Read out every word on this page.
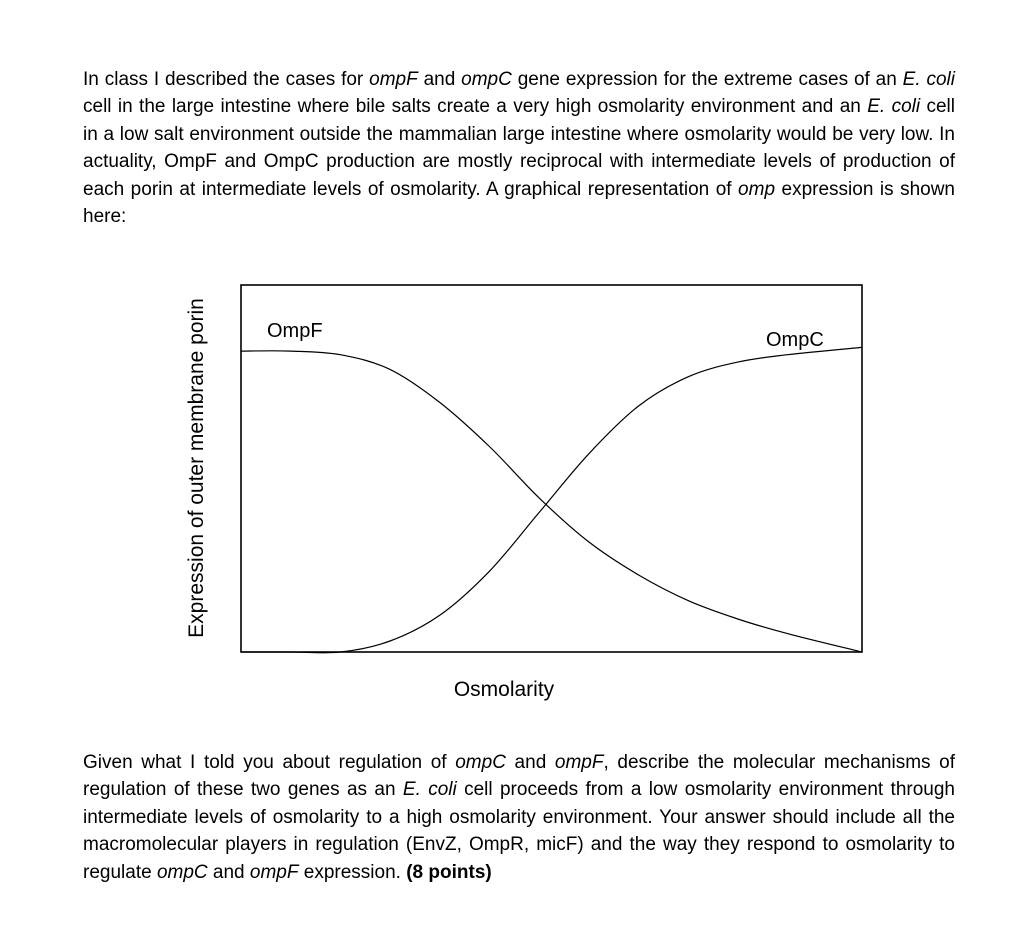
In class I described the cases for ompF and ompC gene expression for the extreme cases of an E. coli cell in the large intestine where bile salts create a very high osmolarity environment and an E. coli cell in a low salt environment outside the mammalian large intestine where osmolarity would be very low. In actuality, OmpF and OmpC production are mostly reciprocal with intermediate levels of production of each porin at intermediate levels of osmolarity. A graphical representation of omp expression is shown here:

OmpF	OmpC
Osmolarity
Expression of outer membrane porin

Given what I told you about regulation of ompC and ompF, describe the molecular mechanisms of regulation of these two genes as an E. coli cell proceeds from a low osmolarity environment through intermediate levels of osmolarity to a high osmolarity environment. Your answer should include all the macromolecular players in regulation (EnvZ, OmpR, micF) and the way they respond to osmolarity to regulate ompC and ompF expression. (8 points)
